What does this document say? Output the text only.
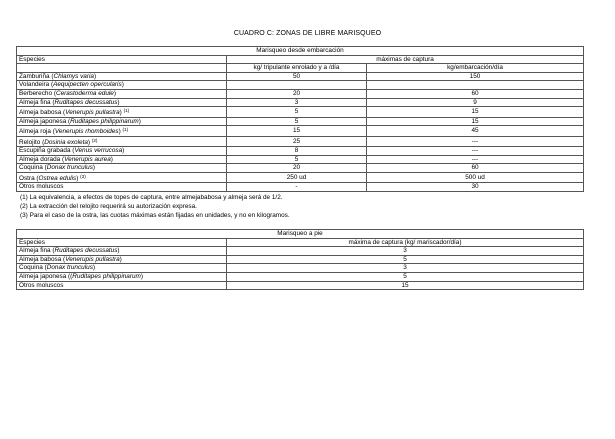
CUADRO C: ZONAS DE LIBRE MARISQUEO
Marisqueo desde embarcación		
Especies	máximas de captura	
	kg/ tripulante enrolado y a /día	kg/embarcación/día
Zamburiña (Chlamys varia)	50	150
Volandeira (Aequipecten opercularis)		
Berberecho (Cerastoderma edule)	20	60
Almeja fina (Ruditapes decussatus)	3	9
Almeja babosa (Venerupis pullastra) $^{(1)}$	5	15
Almeja japonesa (Ruditapes philippinarum)	5	15
Almeja roja (Venerupis rhomboides) $^{(1)}$	15	45
Relojito (Dosinia exoleta) $^{(2)}$	25	---
Escupiña grabada (Venus verrucosa)	8	---
Almeja dorada (Venerupis aurea)	5	---
Coquina (Donax trunculus)	20	60
Ostra (Ostrea edulis) $^{(3)}$	250 ud	500 ud
Otros moluscos	-	30
(1) La equivalencia, a efectos de topes de captura, entre almejababosa y almeja será de 1/2.
(2) La extracción del relojito requerirá su autorización expresa.
(3) Para el caso de la ostra, las cuotas máximas están fijadas en unidades, y no en kilogramos.
Marisqueo a pie	
Especies	máxima de captura (kg/ mariscador/día)
Almeja fina (Ruditapes decussatus)	3
Almeja babosa (Venerupis pullastra)	5
Coquina (Donax trunculus)	3
Almeja japonesa ((Ruditapes philippinarum)	5
Otros moluscos	15
